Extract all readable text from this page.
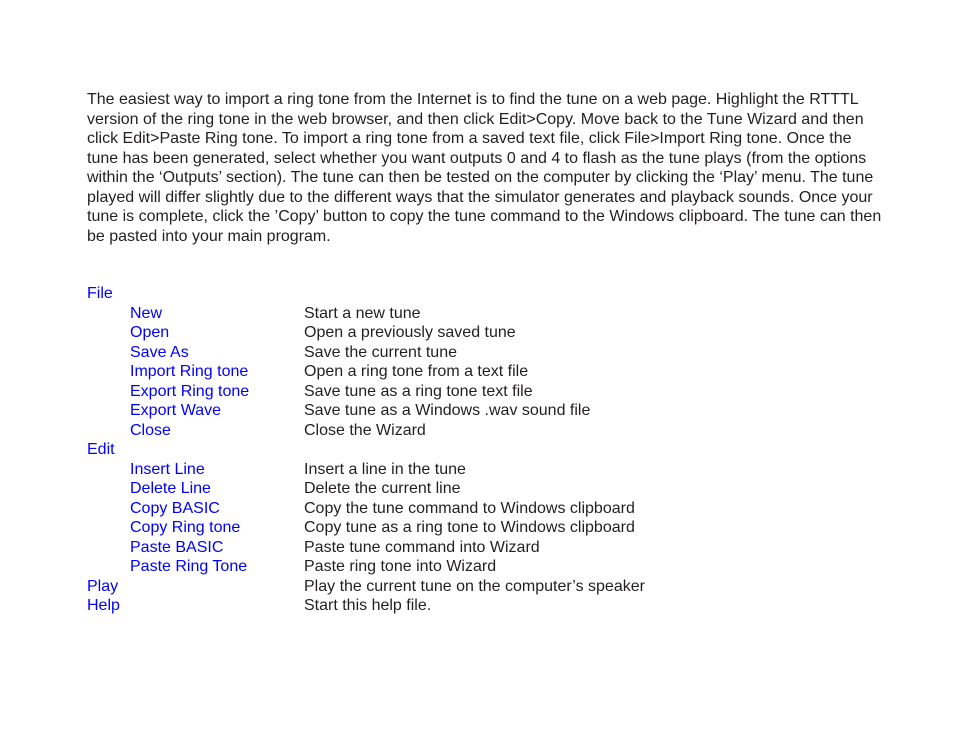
The easiest way to import a ring tone from the Internet is to find the tune on a web page. Highlight the RTTTL version of the ring tone in the web browser, and then click Edit>Copy. Move back to the Tune Wizard and then click Edit>Paste Ring tone. To import a ring tone from a saved text file, click File>Import Ring tone. Once the tune has been generated, select whether you want outputs 0 and 4 to flash as the tune plays (from the options within the ‘Outputs’ section). The tune can then be tested on the computer by clicking the ‘Play’ menu. The tune played will differ slightly due to the different ways that the simulator generates and playback sounds. Once your tune is complete, click the ’Copy’ button to copy the tune command to the Windows clipboard. The tune can then be pasted into your main program.

File
New	Start a new tune
Open	Open a previously saved tune
Save As	Save the current tune
Import Ring tone	Open a ring tone from a text file
Export Ring tone	Save tune as a ring tone text file
Export Wave	Save tune as a Windows .wav sound file
Close	Close the Wizard
Edit
Insert Line	Insert a line in the tune
Delete Line	Delete the current line
Copy BASIC	Copy the tune command to Windows clipboard
Copy Ring tone	Copy tune as a ring tone to Windows clipboard
Paste BASIC	Paste tune command into Wizard
Paste Ring Tone	Paste ring tone into Wizard
Play	Play the current tune on the computer’s speaker
Help	Start this help file.
